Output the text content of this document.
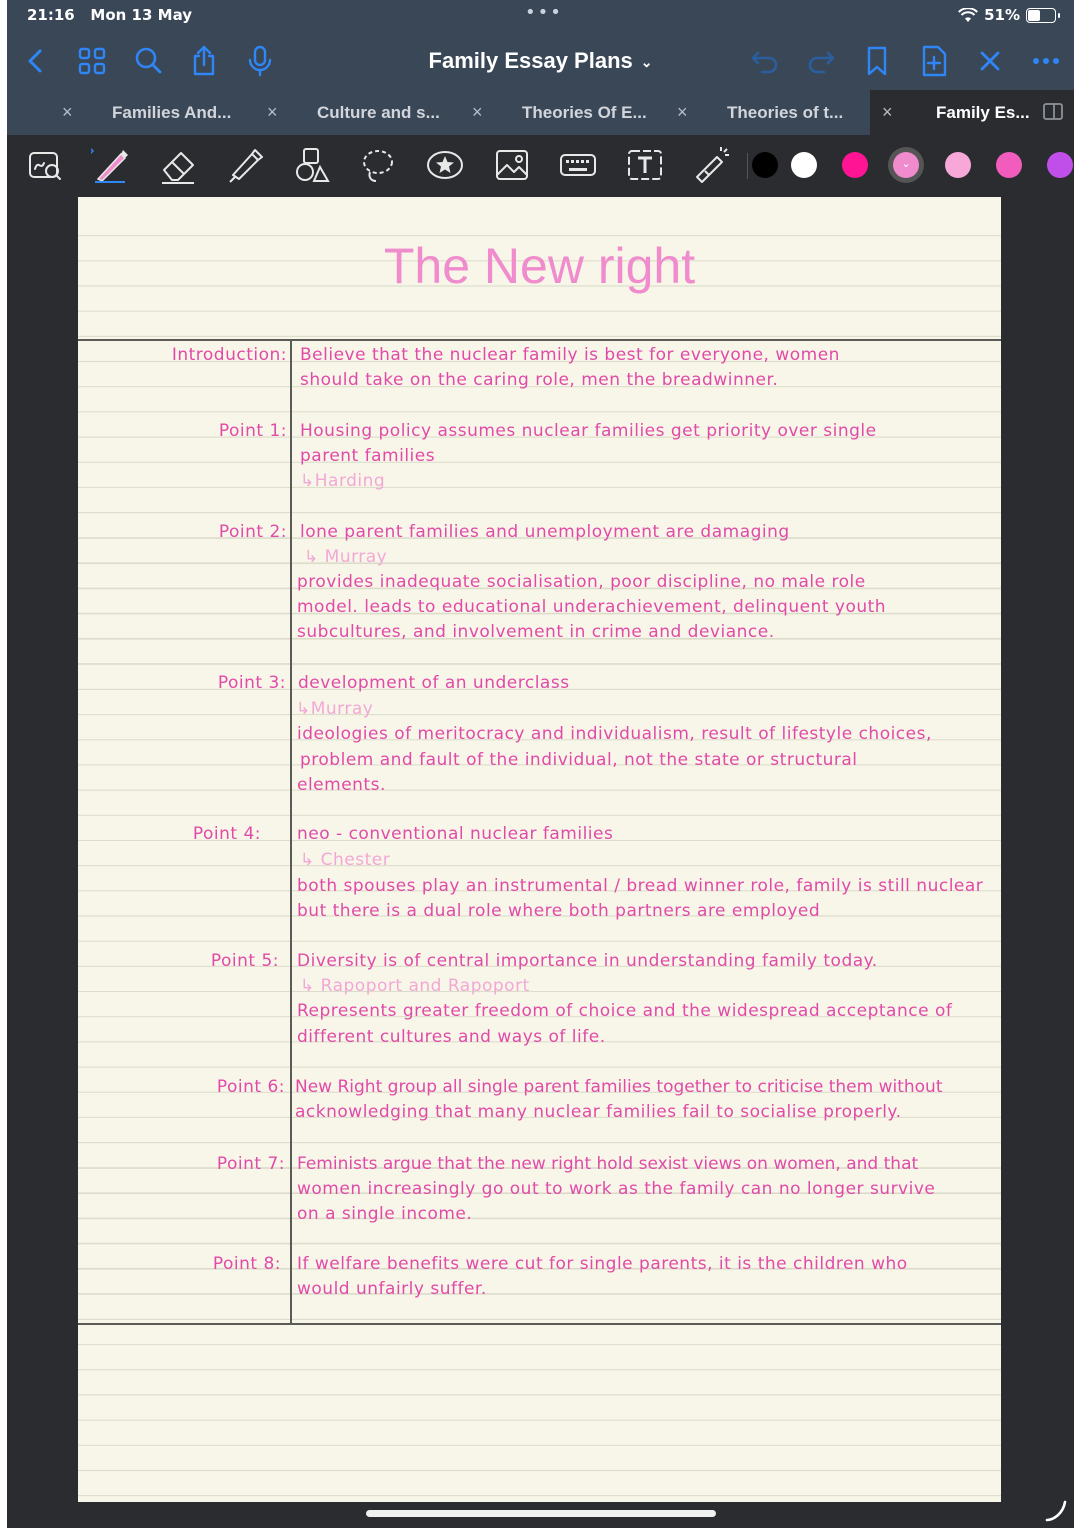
21:16 Mon 13 May	•••	51%
Family Essay Plans ⌄
× Families And... × Culture and s... × Theories Of E... × Theories of t... ×	Family Es...
⌄
The New right
Introduction: Believe that the nuclear family is best for everyone, women
should take on the caring role, men the breadwinner.
Point 1: Housing policy assumes nuclear families get priority over single
parent families
↳Harding
Point 2: lone parent families and unemployment are damaging
↳ Murray
provides inadequate socialisation, poor discipline, no male role
model. leads to educational underachievement, delinquent youth
subcultures, and involvement in crime and deviance.
Point 3: development of an underclass
↳Murray
ideologies of meritocracy and individualism, result of lifestyle choices,
problem and fault of the individual, not the state or structural
elements.
Point 4: neo - conventional nuclear families
↳ Chester
both spouses play an instrumental / bread winner role, family is still nuclear
but there is a dual role where both partners are employed
Point 5: Diversity is of central importance in understanding family today.
↳ Rapoport and Rapoport
Represents greater freedom of choice and the widespread acceptance of
different cultures and ways of life.
Point 6: New Right group all single parent families together to criticise them without
acknowledging that many nuclear families fail to socialise properly.
Point 7: Feminists argue that the new right hold sexist views on women, and that
women increasingly go out to work as the family can no longer survive
on a single income.
Point 8: If welfare benefits were cut for single parents, it is the children who
would unfairly suffer.
